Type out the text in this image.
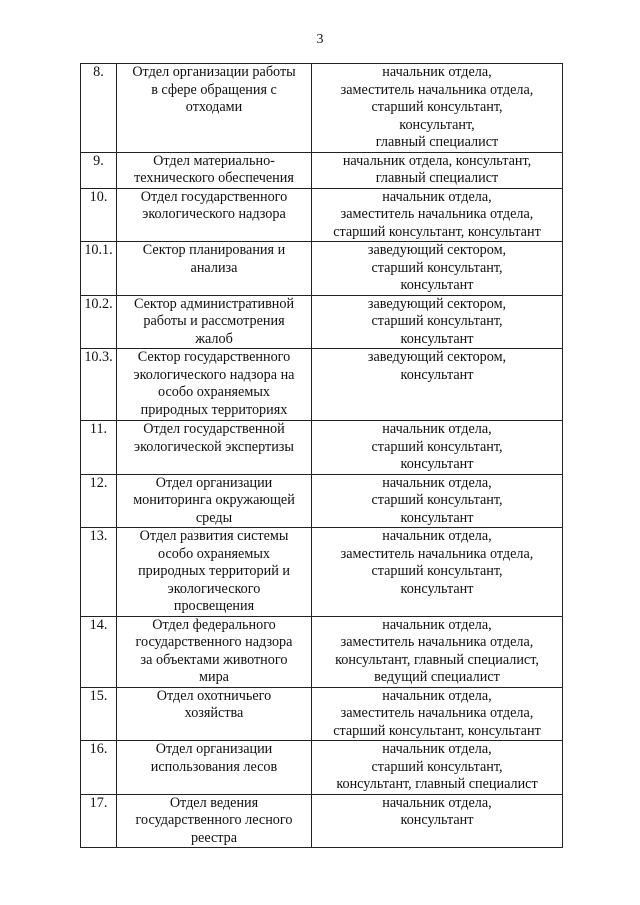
3
8.	Отдел организации работы
в сфере обращения с
отходами	начальник отдела,
заместитель начальника отдела,
старший консультант,
консультант,
главный специалист

9.	Отдел материально-
технического обеспечения	начальник отдела, консультант,
главный специалист

10.	Отдел государственного
экологического надзора	начальник отдела,
заместитель начальника отдела,
старший консультант, консультант

10.1.	Сектор планирования и
анализа	заведующий сектором,
старший консультант,
консультант

10.2.	Сектор административной
работы и рассмотрения
жалоб	заведующий сектором,
старший консультант,
консультант

10.3.	Сектор государственного
экологического надзора на
особо охраняемых
природных территориях	заведующий сектором,
консультант

11.	Отдел государственной
экологической экспертизы	начальник отдела,
старший консультант,
консультант

12.	Отдел организации
мониторинга окружающей
среды	начальник отдела,
старший консультант,
консультант

13.	Отдел развития системы
особо охраняемых
природных территорий и
экологического
просвещения	начальник отдела,
заместитель начальника отдела,
старший консультант,
консультант

14.	Отдел федерального
государственного надзора
за объектами животного
мира	начальник отдела,
заместитель начальника отдела,
консультант, главный специалист,
ведущий специалист

15.	Отдел охотничьего
хозяйства	начальник отдела,
заместитель начальника отдела,
старший консультант, консультант

16.	Отдел организации
использования лесов	начальник отдела,
старший консультант,
консультант, главный специалист

17.	Отдел ведения
государственного лесного
реестра	начальник отдела,
консультант
